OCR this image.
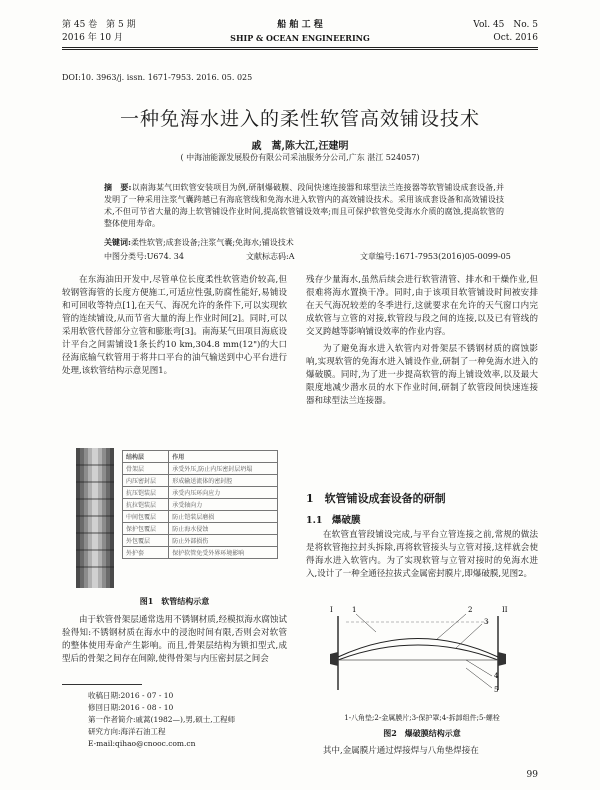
第 45 卷　第 5 期
2016 年 10 月
船 舶 工 程
SHIP & OCEAN ENGINEERING
Vol. 45　No. 5
Oct. 2016
DOI:10. 3963/j. issn. 1671-7953. 2016. 05. 025
一种免海水进入的柔性软管高效铺设技术
戚　蒿,陈大江,汪建明
( 中海油能源发展股份有限公司采油服务分公司,广东 湛江 524057)
摘　要:以南海某气田软管安装项目为例,研制爆破膜、段间快速连接器和球型法兰连接器等软管铺设成套设备,并发明了一种采用注浆气囊跨越已有海底管线和免海水进入软管内的高效铺设技术。采用该成套设备和高效铺设技术,不但可节省大量的海上软管铺设作业时间,提高软管铺设效率;而且可保护软管免受海水介质的腐蚀,提高软管的整体使用寿命。
关键词:柔性软管;成套设备;注浆气囊;免海水;铺设技术
中图分类号:U674. 34	文献标志码:A	文章编号:1671-7953(2016)05-0099-05

在东海油田开发中,尽管单位长度柔性软管造价较高,但较钢管海管的长度方便施工,可适应性强,防腐性能好,易铺设和可回收等特点[1],在天气、海况允许的条件下,可以实现软管的连续铺设,从而节省大量的海上作业时间[2]。同时,可以采用软管代替部分立管和膨胀弯[3]。南海某气田项目海底设计平台之间需铺设1条长约10 km,304.8 mm(12")的大口径海底输气软管用于将井口平台的油气输送到中心平台进行处理,该软管结构示意见图1。

结构层	作用
骨架层	承受外压,防止内压密封层坍塌
内压密封层	形成输送流体的密封腔
抗压铠装层	承受内压环向应力
抗拉铠装层	承受轴向力
中间包覆层	防止铠装层磨损
保护包覆层	防止海水侵蚀
外包覆层	防止外部损伤
外护套	保护软管免受外界环境影响
图1　软管结构示意

由于软管骨架层通常选用不锈钢材质,经模拟海水腐蚀试验得知:不锈钢材质在海水中的浸泡时间有限,否则会对软管的整体使用寿命产生影响。而且,骨架层结构为锁扣型式,成型后的骨架之间存在间隙,使得骨架与内压密封层之间会

收稿日期:2016 - 07 - 10
修回日期:2016 - 08 - 10
第一作者简介:戚蒿(1982—),男,硕士,工程师
研究方向:海洋石油工程
E-mail:qihao@cnooc.com.cn

残存少量海水,虽然后续会进行软管清管、排水和干燥作业,但很难将海水置换干净。同时,由于该项目软管铺设时间被安排在天气海况较差的冬季进行,这就要求在允许的天气窗口内完成软管与立管的对接,软管段与段之间的连接,以及已有管线的交叉跨越等影响铺设效率的作业内容。

为了避免海水进入软管内对骨架层不锈钢材质的腐蚀影响,实现软管的免海水进入铺设作业,研制了一种免海水进入的爆破膜。同时,为了进一步提高软管的海上铺设效率,以及最大限度地减少潜水员的水下作业时间,研制了软管段间快速连接器和球型法兰连接器。

1　软管铺设成套设备的研制
1.1　爆破膜

在软管直管段铺设完成,与平台立管连接之前,常规的做法是将软管拖拉封头拆除,再将软管接头与立管对接,这样就会使得海水进入软管内。为了实现软管与立管对接时的免海水进入,设计了一种全通径拉拔式金属密封膜片,即爆破膜,见图2。

1	2
3
4
5
I	II
1-八角垫;2-金属膜片;3-保护罩;4-拆卸组件;5-螺栓
图2　爆破膜结构示意

其中,金属膜片通过焊接焊与八角垫焊接在

99
